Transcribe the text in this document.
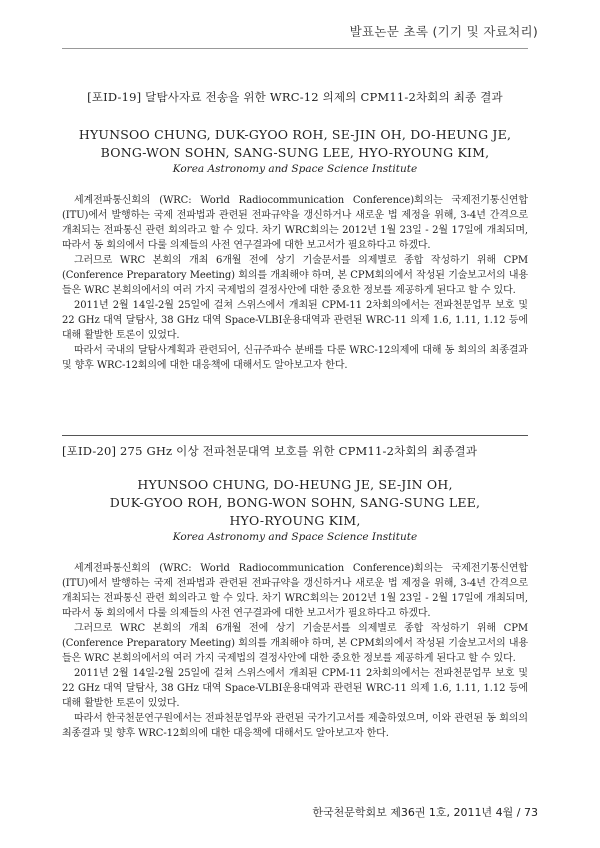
발표논문 초록 (기기 및 자료처리)
[포ID-19] 달탐사자료 전송을 위한 WRC-12 의제의 CPM11-2차회의 최종 결과
HYUNSOO CHUNG, DUK-GYOO ROH, SE-JIN OH, DO-HEUNG JE,
BONG-WON SOHN, SANG-SUNG LEE, HYO-RYOUNG KIM,
Korea Astronomy and Space Science Institute

세계전파통신회의 (WRC: World Radiocommunication Conference)회의는 국제전기통신연합 (ITU)에서 발행하는 국제 전파법과 관련된 전파규약을 갱신하거나 새로운 법 제정을 위해, 3-4년 간격으로 개최되는 전파통신 관련 회의라고 할 수 있다. 차기 WRC회의는 2012년 1월 23일 - 2월 17일에 개최되며, 따라서 동 회의에서 다룰 의제들의 사전 연구결과에 대한 보고서가 필요하다고 하겠다.

그러므로 WRC 본회의 개최 6개월 전에 상기 기술문서를 의제별로 종합 작성하기 위해 CPM (Conference Preparatory Meeting) 회의를 개최해야 하며, 본 CPM회의에서 작성된 기술보고서의 내용들은 WRC 본회의에서의 여러 가지 국제법의 결정사안에 대한 중요한 정보를 제공하게 된다고 할 수 있다.

2011년 2월 14일-2월 25일에 걸쳐 스위스에서 개최된 CPM-11 2차회의에서는 전파천문업무 보호 및 22 GHz 대역 달탐사, 38 GHz 대역 Space-VLBI운용대역과 관련된 WRC-11 의제 1.6, 1.11, 1.12 등에 대해 활발한 토론이 있었다.

따라서 국내의 달탐사계획과 관련되어, 신규주파수 분배를 다룬 WRC-12의제에 대해 동 회의의 최종결과 및 향후 WRC-12회의에 대한 대응책에 대해서도 알아보고자 한다.

[포ID-20] 275 GHz 이상 전파천문대역 보호를 위한 CPM11-2차회의 최종결과
HYUNSOO CHUNG, DO-HEUNG JE, SE-JIN OH,
DUK-GYOO ROH, BONG-WON SOHN, SANG-SUNG LEE,
HYO-RYOUNG KIM,
Korea Astronomy and Space Science Institute

세계전파통신회의 (WRC: World Radiocommunication Conference)회의는 국제전기통신연합 (ITU)에서 발행하는 국제 전파법과 관련된 전파규약을 갱신하거나 새로운 법 제정을 위해, 3-4년 간격으로 개최되는 전파통신 관련 회의라고 할 수 있다. 차기 WRC회의는 2012년 1월 23일 - 2월 17일에 개최되며, 따라서 동 회의에서 다룰 의제들의 사전 연구결과에 대한 보고서가 필요하다고 하겠다.

그러므로 WRC 본회의 개최 6개월 전에 상기 기술문서를 의제별로 종합 작성하기 위해 CPM (Conference Preparatory Meeting) 회의를 개최해야 하며, 본 CPM회의에서 작성된 기술보고서의 내용들은 WRC 본회의에서의 여러 가지 국제법의 결정사안에 대한 중요한 정보를 제공하게 된다고 할 수 있다.

2011년 2월 14일-2월 25일에 걸쳐 스위스에서 개최된 CPM-11 2차회의에서는 전파천문업무 보호 및 22 GHz 대역 달탐사, 38 GHz 대역 Space-VLBI운용대역과 관련된 WRC-11 의제 1.6, 1.11, 1.12 등에 대해 활발한 토론이 있었다.

따라서 한국천문연구원에서는 전파천문업무와 관련된 국가기고서를 제출하였으며, 이와 관련된 동 회의의 최종결과 및 향후 WRC-12회의에 대한 대응책에 대해서도 알아보고자 한다.

한국천문학회보 제36권 1호, 2011년 4월 / 73
